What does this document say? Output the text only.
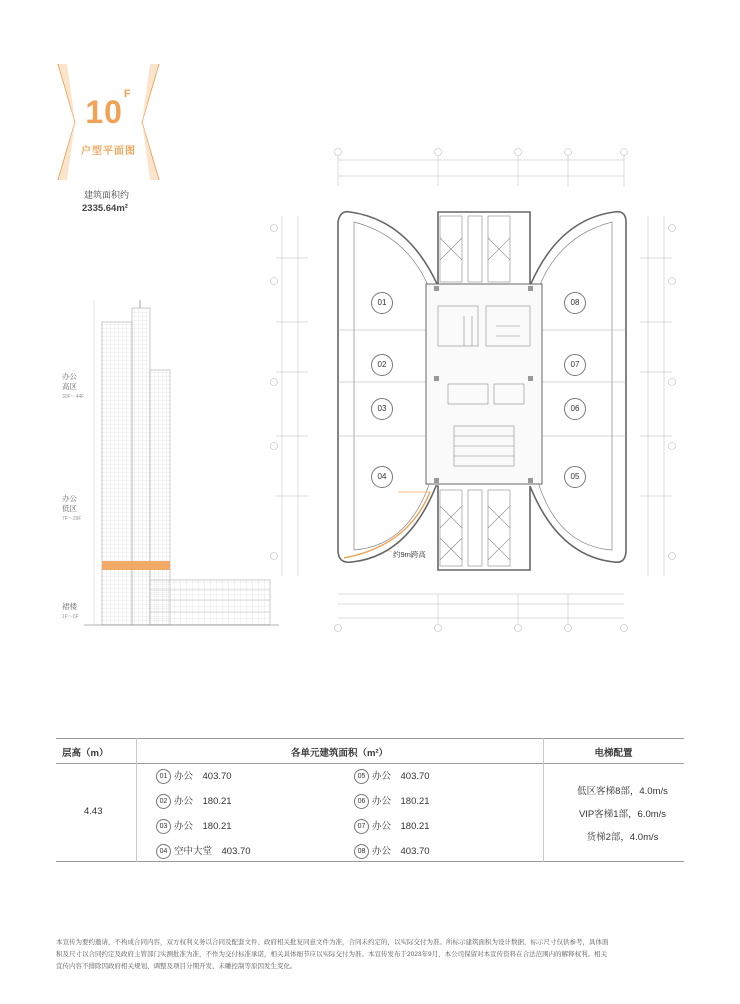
$10^F$
户型平面图
建筑面积约
2335.64m²
办公
高区
30F～44F
办公
低区
7F～29F
裙楼
1F～6F
01
02
03
04	05
06
07
08
约9m跨高
层高（m）	各单元建筑面积（m²）	电梯配置
4.43
01 办公　403.70
02 办公　180.21
03 办公　180.21
04 空中大堂　403.70
05 办公　403.70
06 办公　180.21
07 办公　180.21
08 办公　403.70
低区客梯8部，4.0m/s
VIP客梯1部，6.0m/s
货梯2部，4.0m/s
本宣传为要约邀请，不构成合同内容，双方权利义务以合同及配套文件、政府相关批复同意文件为准，合同未约定的，以实际交付为准。所标示建筑面积为设计数据，标示尺寸仅供参考，具体面
积及尺寸以合同约定及政府主管部门实测批准为准，不作为交付标准承诺，相关具体细节应以实际交付为准。本宣传发布于2023年9月，本公司保留对本宣传资料在合法范围内的解释权利。相关
宣传内容不排除因政府相关规划、调整及项目分期开发、未雕控制等原因发生变化。
